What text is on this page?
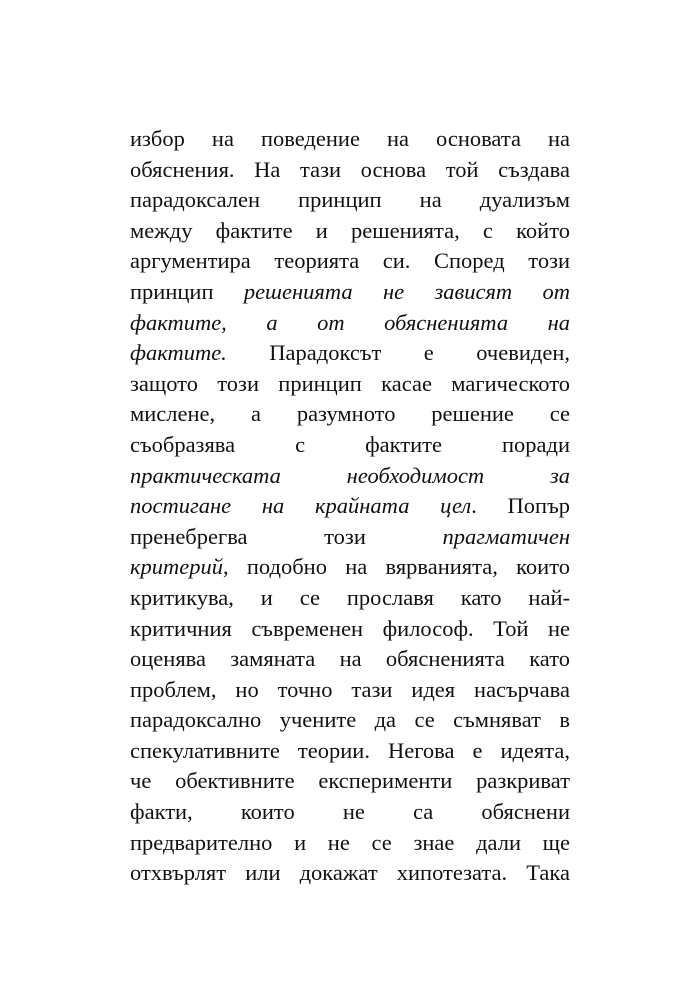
избор на поведение на основата на
обяснения. На тази основа той създава
парадоксален принцип на дуализъм
между фактите и решенията, с който
аргументира теорията си. Според този
принцип решенията не зависят от
фактите, а от обясненията на
фактите. Парадоксът е очевиден,
защото този принцип касае магическото
мислене, а разумното решение се
съобразява с фактите поради
практическата необходимост за
постигане на крайната цел. Попър
пренебрегва този прагматичен
критерий, подобно на вярванията, които
критикува, и се прославя като най-
критичния съвременен философ. Той не
оценява замяната на обясненията като
проблем, но точно тази идея насърчава
парадоксално учените да се съмняват в
спекулативните теории. Негова е идеята,
че обективните експерименти разкриват
факти, които не са обяснени
предварително и не се знае дали ще
отхвърлят или докажат хипотезата. Така
